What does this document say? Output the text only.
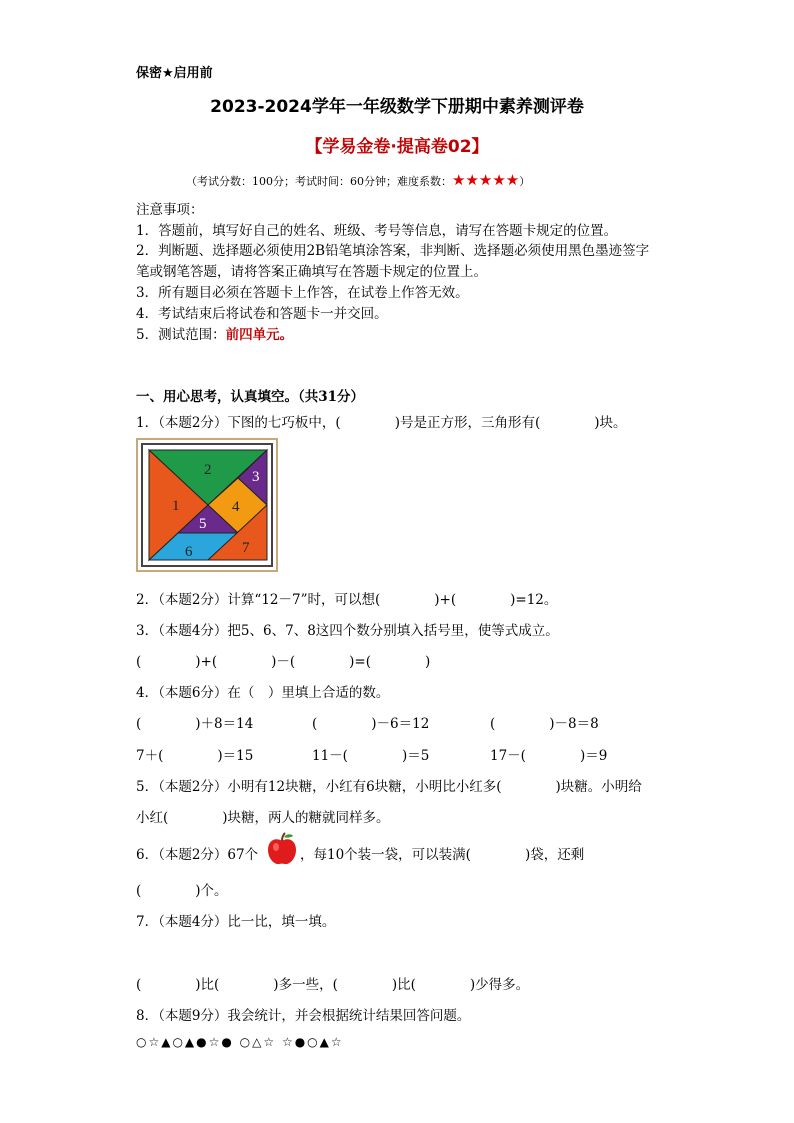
保密★启用前
2023-2024学年一年级数学下册期中素养测评卷
【学易金卷·提高卷02】
（考试分数：100分；考试时间：60分钟；难度系数：★★★★★）
注意事项：
1．答题前，填写好自己的姓名、班级、考号等信息，请写在答题卡规定的位置。
2．判断题、选择题必须使用2B铅笔填涂答案，非判断、选择题必须使用黑色墨迹签字
笔或钢笔答题，请将答案正确填写在答题卡规定的位置上。
3．所有题目必须在答题卡上作答，在试卷上作答无效。
4．考试结束后将试卷和答题卡一并交回。
5．测试范围：前四单元。
一、用心思考，认真填空。（共31分）
1．（本题2分）下图的七巧板中，(　　　　)号是正方形，三角形有(　　　　)块。
1
2	3
4
5
6	7
2．（本题2分）计算“12－7”时，可以想(　　　　)+(　　　　)=12。
3．（本题4分）把5、6、7、8这四个数分别填入括号里，使等式成立。
(　　　　)+(　　　　)－(　　　　)=(　　　　)
4．（本题6分）在（　）里填上合适的数。
(　　　　)＋8＝14	(　　　　)－6＝12	(　　　　)－8＝8
7＋(　　　　)＝15	11－(　　　　)＝5	17－(　　　　)＝9
5．（本题2分）小明有12块糖，小红有6块糖，小明比小红多(　　　　)块糖。小明给
小红(　　　　)块糖，两人的糖就同样多。
6．（本题2分）67个	，每10个装一袋，可以装满(　　　　)袋，还剩
(　　　　)个。
7．（本题4分）比一比，填一填。
(　　　　)比(　　　　)多一些，(　　　　)比(　　　　)少得多。
8．（本题9分）我会统计，并会根据统计结果回答问题。
○☆▲○▲●☆● ○△☆ ☆●○▲☆
